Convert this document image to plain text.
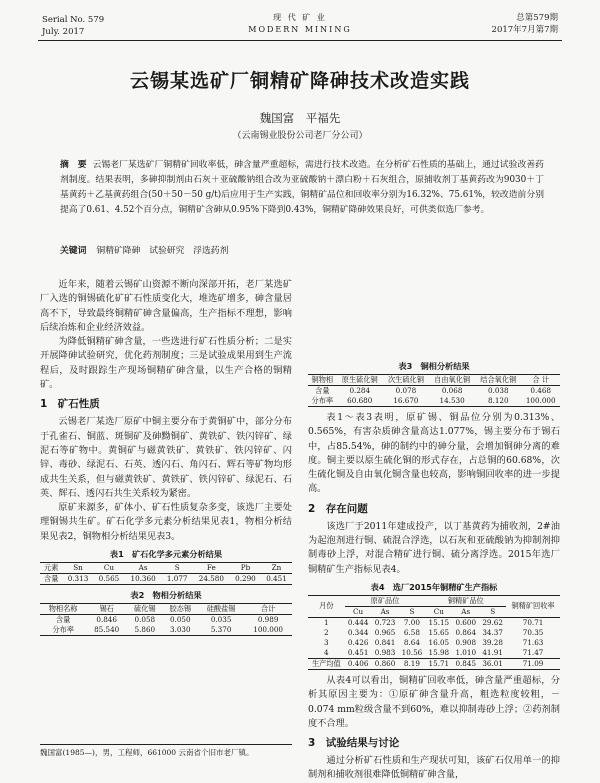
Serial No. 579
July. 2017
现 代 矿 业
MODERN MINING
总第579期
2017年7月第7期
云锡某选矿厂铜精矿降砷技术改造实践
魏国富　平福先
（云南锡业股份公司老厂分公司）
摘　要 云锡老厂某选矿厂铜精矿回收率低，砷含量严重超标，需进行技术改造。在分析矿石性质的基础上，通过试验改善药剂制度。结果表明，多砷抑制剂由石灰＋亚硫酸钠组合改为亚硫酸钠＋漂白粉＋石灰组合，原捕收剂丁基黄药改为9030＋丁基黄药＋乙基黄药组合(50＋50－50 g/t)后应用于生产实践，铜精矿品位和回收率分别为16.32%、75.61%，较改造前分别提高了0.61、4.52个百分点，铜精矿含砷从0.95%下降到0.43%，铜精矿降砷效果良好，可供类似选厂参考。
关键词 铜精矿降砷　试验研究　浮选药剂

近年来，随着云锡矿山资源不断向深部开拓，老厂某选矿厂入选的铜锡硫化矿矿石性质变化大，堆选矿增多，砷含量居高不下，导致最终铜精矿砷含量偏高，生产指标不理想，影响后续冶炼和企业经济效益。

为降低铜精矿砷含量，一些选进行矿石性质分析；二是实开展降砷试验研究，优化药剂制度；三是试验成果用到生产流程后，及时跟踪生产现场铜精矿砷含量，以生产合格的铜精矿。

1　矿石性质

云锡老厂某选厂原矿中铜主要分布于黄铜矿中，部分分布于孔雀石、铜蓝、斑铜矿及砷黝铜矿、黄铁矿、铁闪锌矿、绿泥石等矿物中。黄铜矿与磁黄铁矿、黄铁矿、铁闪锌矿、闪锌、毒砂、绿泥石、石英、透闪石、角闪石、辉石等矿物均形成共生关系，但与磁黄铁矿、黄铁矿、铁闪锌矿、绿泥石、石英、辉石、透闪石共生关系较为紧密。

原矿来源多，矿体小、矿石性质复杂多变，该选厂主要处理铜锡共生矿。矿石化学多元素分析结果见表1，物相分析结果见表2，铜物相分析结果见表3。

表1　矿石化学多元素分析结果
元素	Sn	Cu	As	S	Fe	Pb	Zn
含量	0.313	0.565	10.360	1.077	24.580	0.290	0.451
表2　物相分析结果
物相名称	锡石	硫化锡	胶态锡	硅酸盐锡	合计
含量	0.846	0.058	0.050	0.035	0.989
分布率	85.540	5.860	3.030	5.370	100.000
魏国富(1985—)，男，工程师，661000 云南省个旧市老厂镇。
表3　铜相分析结果
铜物相	原生硫化铜	次生硫化铜	自由氧化铜	结合氧化铜	合 计
含量	0.284	0.078	0.068	0.038	0.468
分布率	60.680	16.670	14.530	8.120	100.000

表1～表3表明，原矿锡、铜品位分别为0.313%、0.565%，有害杂质砷含量高达1.077%，锡主要分布于锡石中，占85.54%，砷的制约中的砷分量，会增加铜砷分离的难度。铜主要以原生硫化铜的形式存在，占总铜的60.68%，次生硫化铜及自由氧化铜含量也较高，影响铜回收率的进一步提高。

2　存在问题

该选厂于2011年建成投产，以丁基黄药为捕收剂，2#油为起泡剂进行铜、硫混合浮选，以石灰和亚硫酸钠为抑制剂抑制毒砂上浮，对混合精矿进行铜、硫分离浮选。2015年选厂铜精矿生产指标见表4。

表4　选厂2015年铜精矿生产指标
月份	原矿品位			铜精矿品位			铜精矿回收率
	Cu	As	S	Cu	As	S	
1	0.444	0.723	7.00	15.15	0.600	29.62	70.71
2	0.344	0.965	6.58	15.65	0.864	34.37	70.35
3	0.426	0.841	8.64	16.05	0.908	39.28	71.63
4	0.451	0.983	10.56	15.98	1.010	41.91	71.47
生产均值	0.406	0.860	8.19	15.71	0.845	36.01	71.09

从表4可以看出，铜精矿回收率低，砷含量严重超标，分析其原因主要为：①原矿砷含量升高，粗选粒度较粗，－0.074 mm粒级含量不到60%，难以抑制毒砂上浮；②药剂制度不合理。

3　试验结果与讨论

通过分析矿石性质和生产现状可知，该矿石仅用单一的抑制剂和捕收剂很难降低铜精矿砷含量，
